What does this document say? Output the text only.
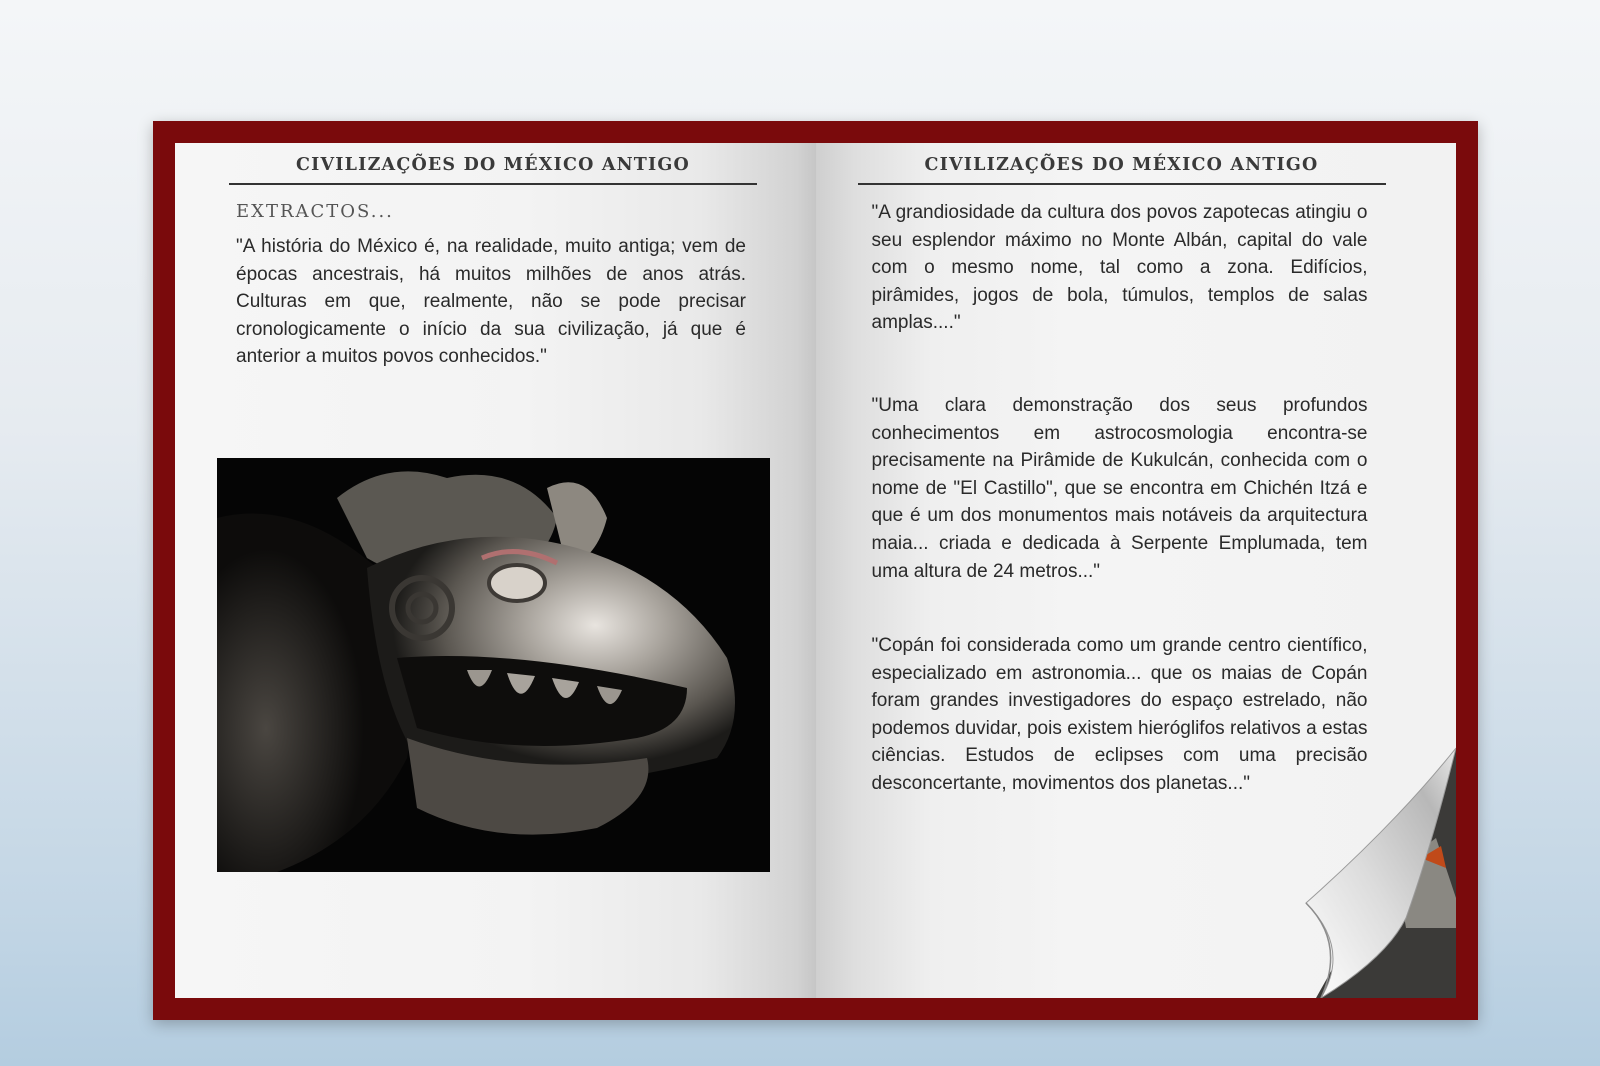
CIVILIZAÇÕES DO MÉXICO ANTIGO
EXTRACTOS...

"A história do México é, na realidade, muito antiga; vem de épocas ancestrais, há muitos milhões de anos atrás. Culturas em que, realmente, não se pode precisar cronologicamente o início da sua civilização, já que é anterior a muitos povos conhecidos."

CIVILIZAÇÕES DO MÉXICO ANTIGO

"A grandiosidade da cultura dos povos zapotecas atingiu o seu esplendor máximo no Monte Albán, capital do vale com o mesmo nome, tal como a zona. Edifícios, pirâmides, jogos de bola, túmulos, templos de salas amplas...."

"Uma clara demonstração dos seus profundos conhecimentos em astrocosmologia encontra-se precisamente na Pirâmide de Kukulcán, conhecida com o nome de "El Castillo", que se encontra em Chichén Itzá e que é um dos monumentos mais notáveis da arquitectura maia... criada e dedicada à Serpente Emplumada, tem uma altura de 24 metros..."

"Copán foi considerada como um grande centro científico, especializado em astronomia... que os maias de Copán foram grandes investigadores do espaço estrelado, não podemos duvidar, pois existem hieróglifos relativos a estas ciências. Estudos de eclipses com uma precisão desconcertante, movimentos dos planetas..."
